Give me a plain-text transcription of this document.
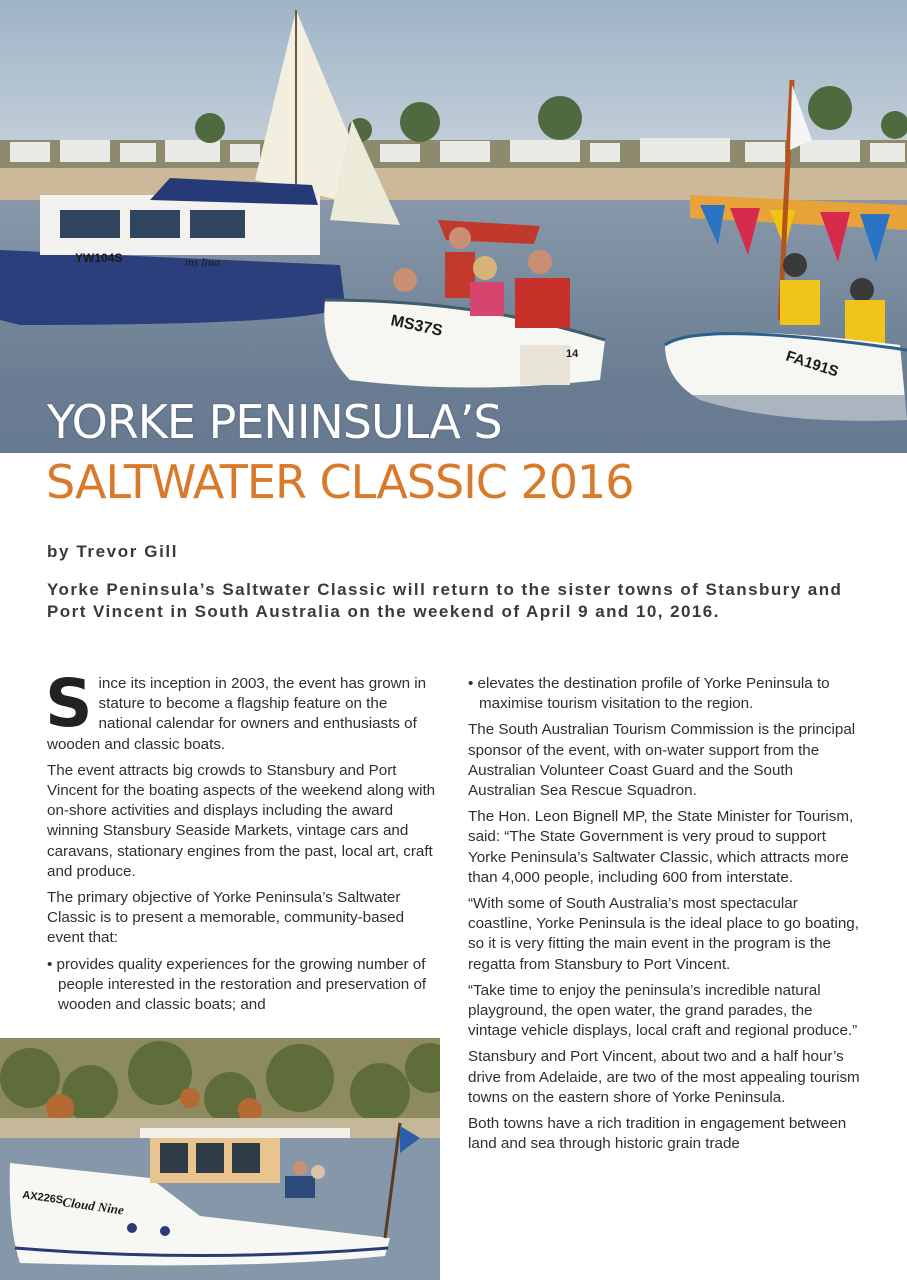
YW104S	ms lina
MS37S
14	FA191S
YORKE PENINSULA’S
SALTWATER CLASSIC 2016

by Trevor Gill

Yorke Peninsula’s Saltwater Classic will return to the sister towns of Stansbury and Port Vincent in South Australia on the weekend of April 9 and 10, 2016.

Since its inception in 2003, the event has grown in stature to become a flagship feature on the national calendar for owners and enthusiasts of wooden and classic boats.

The event attracts big crowds to Stansbury and Port Vincent for the boating aspects of the weekend along with on-shore activities and displays including the award winning Stansbury Seaside Markets, vintage cars and caravans, stationary engines from the past, local art, craft and produce.

The primary objective of Yorke Peninsula’s Saltwater Classic is to present a memorable, community-based event that:

• provides quality experiences for the growing number of people interested in the restoration and preservation of wooden and classic boats; and

• elevates the destination profile of Yorke Peninsula to maximise tourism visitation to the region.

The South Australian Tourism Commission is the principal sponsor of the event, with on-water support from the Australian Volunteer Coast Guard and the South Australian Sea Rescue Squadron.

The Hon. Leon Bignell MP, the State Minister for Tourism, said: “The State Government is very proud to support Yorke Peninsula’s Saltwater Classic, which attracts more than 4,000 people, including 600 from interstate.

“With some of South Australia’s most spectacular coastline, Yorke Peninsula is the ideal place to go boating, so it is very fitting the main event in the program is the regatta from Stansbury to Port Vincent.

“Take time to enjoy the peninsula’s incredible natural playground, the open water, the grand parades, the vintage vehicle displays, local craft and regional produce.”

Stansbury and Port Vincent, about two and a half hour’s drive from Adelaide, are two of the most appealing tourism towns on the eastern shore of Yorke Peninsula.

Both towns have a rich tradition in engagement between land and sea through historic grain trade

AX226S
Cloud Nine
